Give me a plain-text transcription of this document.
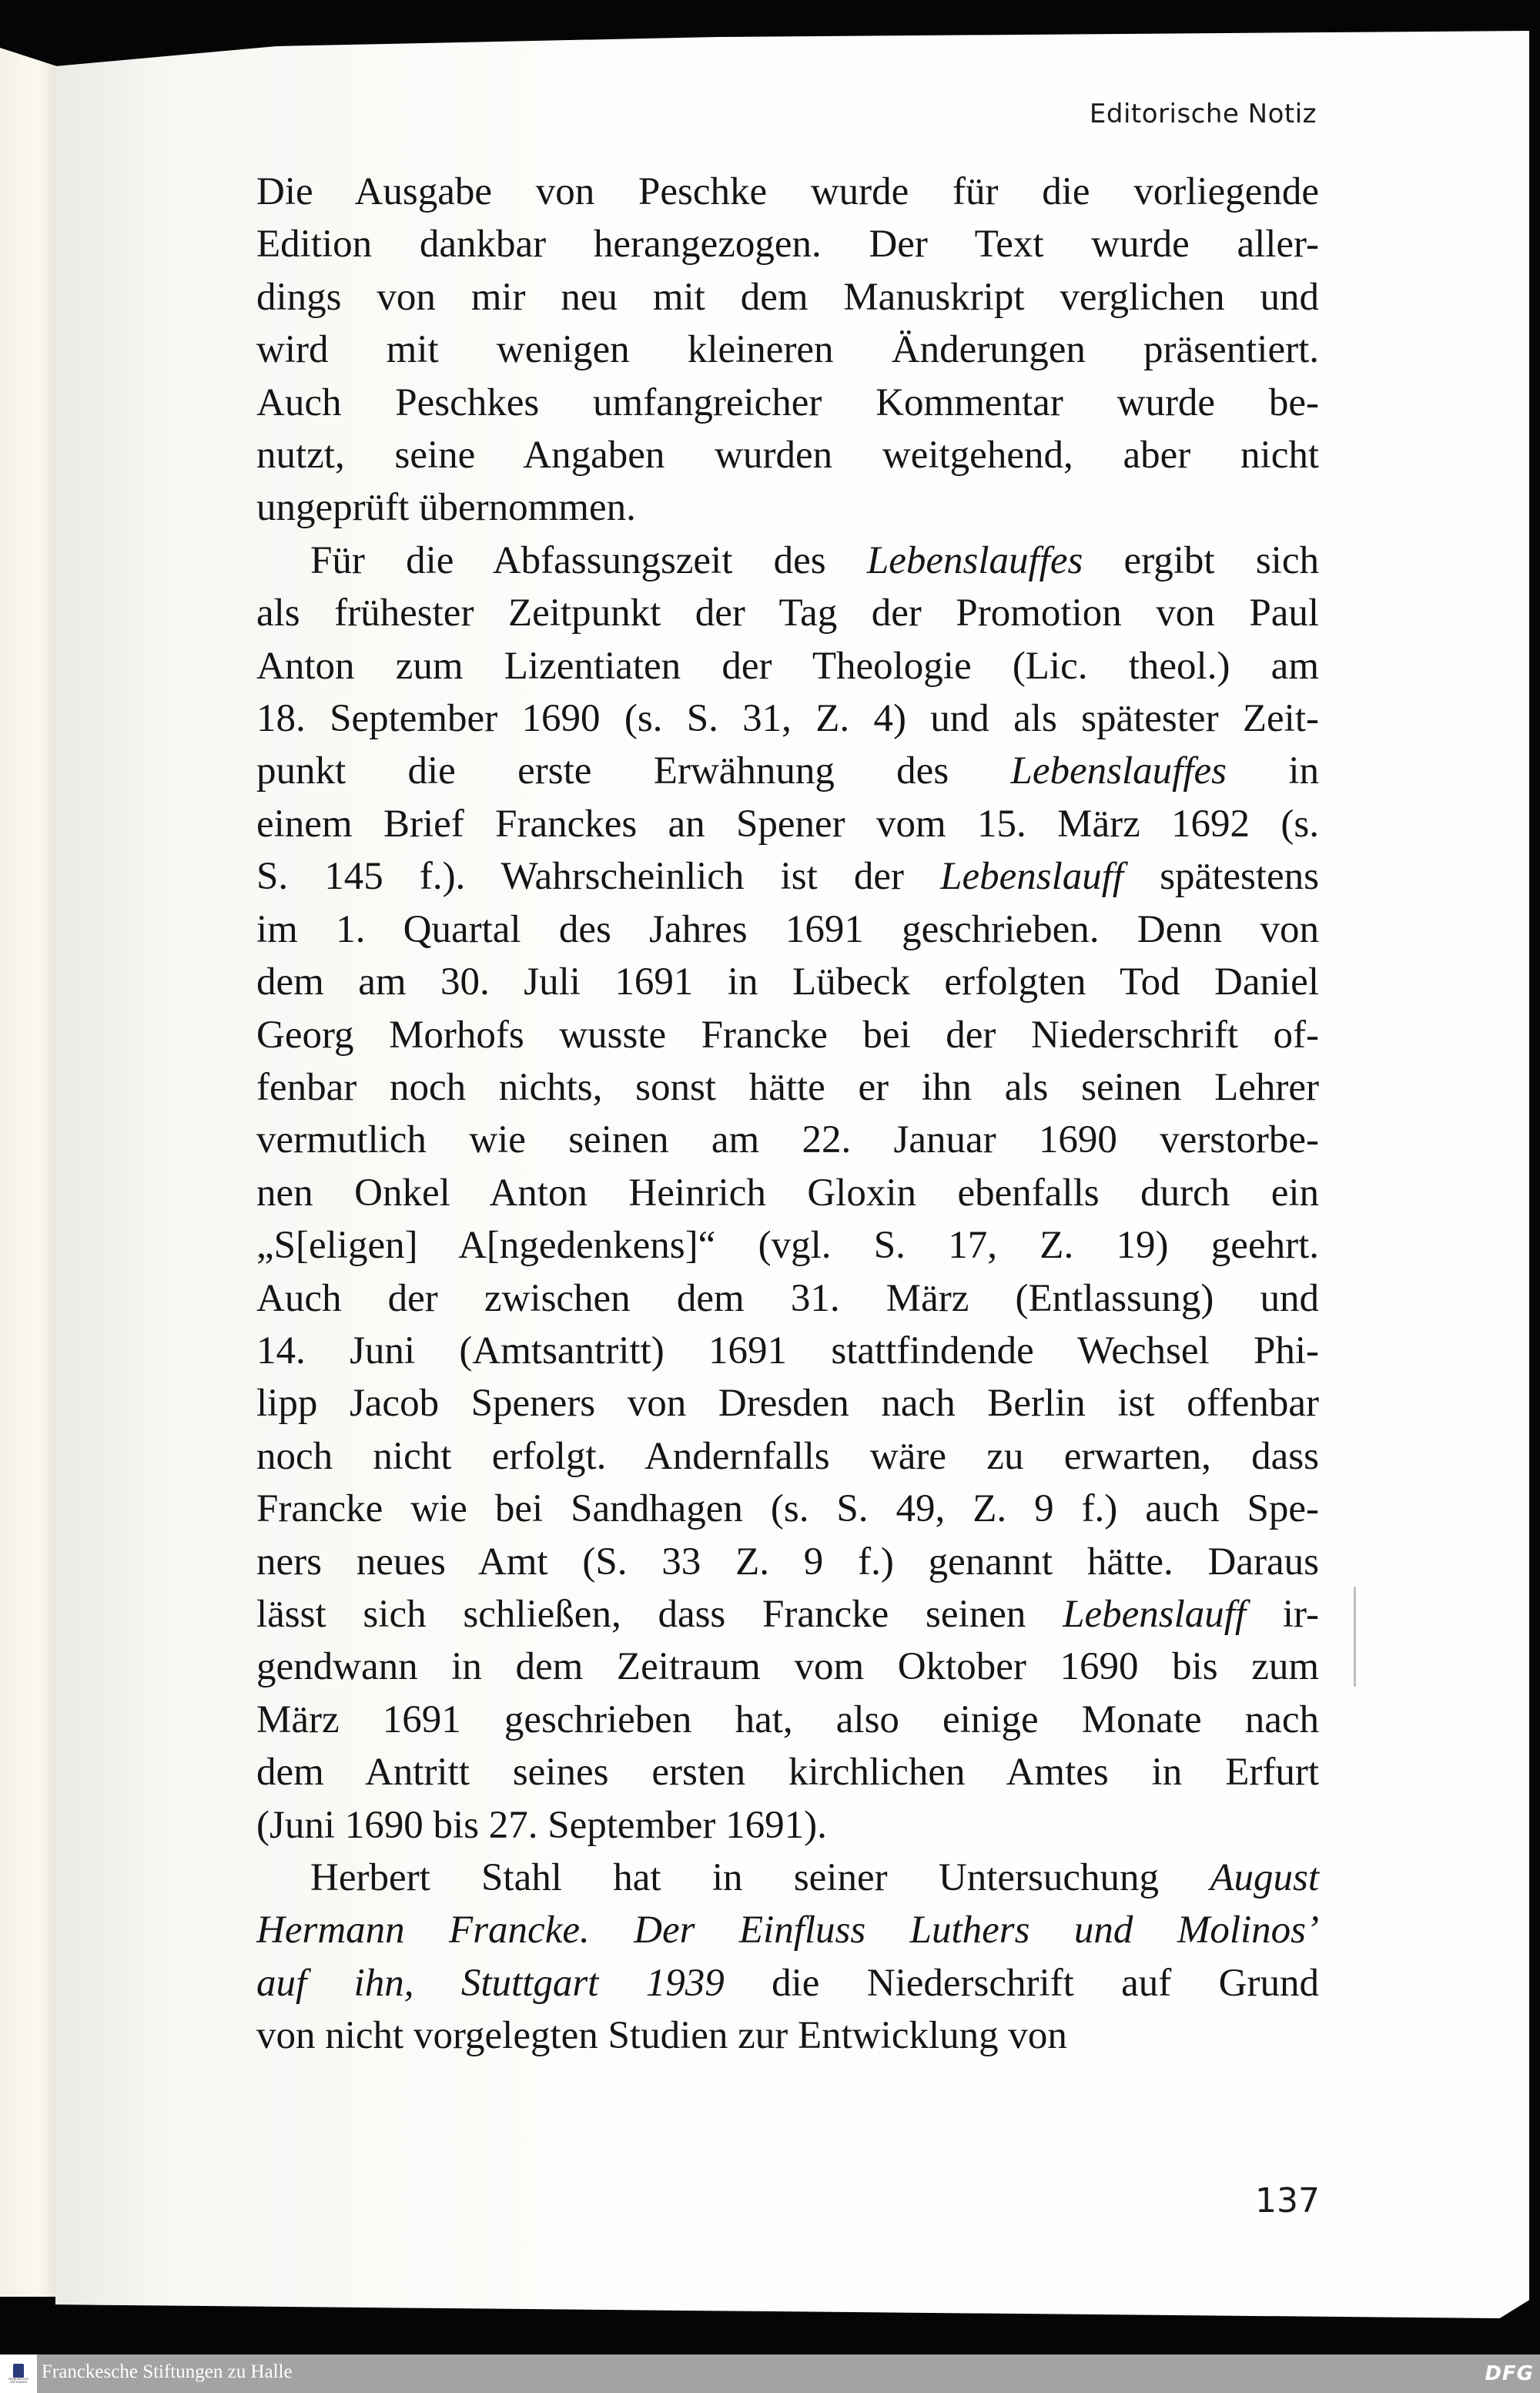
Editorische Notiz
Die Ausgabe von Peschke wurde für die vorliegende
Edition dankbar herangezogen. Der Text wurde aller-
dings von mir neu mit dem Manuskript verglichen und
wird mit wenigen kleineren Änderungen präsentiert.
Auch Peschkes umfangreicher Kommentar wurde be-
nutzt, seine Angaben wurden weitgehend, aber nicht
ungeprüft übernommen.
Für die Abfassungszeit des Lebenslauffes ergibt sich
als frühester Zeitpunkt der Tag der Promotion von Paul
Anton zum Lizentiaten der Theologie (Lic. theol.) am
18. September 1690 (s. S. 31, Z. 4) und als spätester Zeit-
punkt die erste Erwähnung des Lebenslauffes in
einem Brief Franckes an Spener vom 15. März 1692 (s.
S. 145 f.). Wahrscheinlich ist der Lebenslauff spätestens
im 1. Quartal des Jahres 1691 geschrieben. Denn von
dem am 30. Juli 1691 in Lübeck erfolgten Tod Daniel
Georg Morhofs wusste Francke bei der Niederschrift of-
fenbar noch nichts, sonst hätte er ihn als seinen Lehrer
vermutlich wie seinen am 22. Januar 1690 verstorbe-
nen Onkel Anton Heinrich Gloxin ebenfalls durch ein
„S[eligen] A[ngedenkens]“ (vgl. S. 17, Z. 19) geehrt.
Auch der zwischen dem 31. März (Entlassung) und
14. Juni (Amtsantritt) 1691 stattfindende Wechsel Phi-
lipp Jacob Speners von Dresden nach Berlin ist offenbar
noch nicht erfolgt. Andernfalls wäre zu erwarten, dass
Francke wie bei Sandhagen (s. S. 49, Z. 9 f.) auch Spe-
ners neues Amt (S. 33 Z. 9 f.) genannt hätte. Daraus
lässt sich schließen, dass Francke seinen Lebenslauff ir-
gendwann in dem Zeitraum vom Oktober 1690 bis zum
März 1691 geschrieben hat, also einige Monate nach
dem Antritt seines ersten kirchlichen Amtes in Erfurt
(Juni 1690 bis 27. September 1691).
Herbert Stahl hat in seiner Untersuchung August
Hermann Francke. Der Einfluss Luthers und Molinos’
auf ihn, Stuttgart 1939 die Niederschrift auf Grund
von nicht vorgelegten Studien zur Entwicklung von
137
FRANCKESCHE STIFTUNGEN Franckesche Stiftungen zu Halle	DFG
